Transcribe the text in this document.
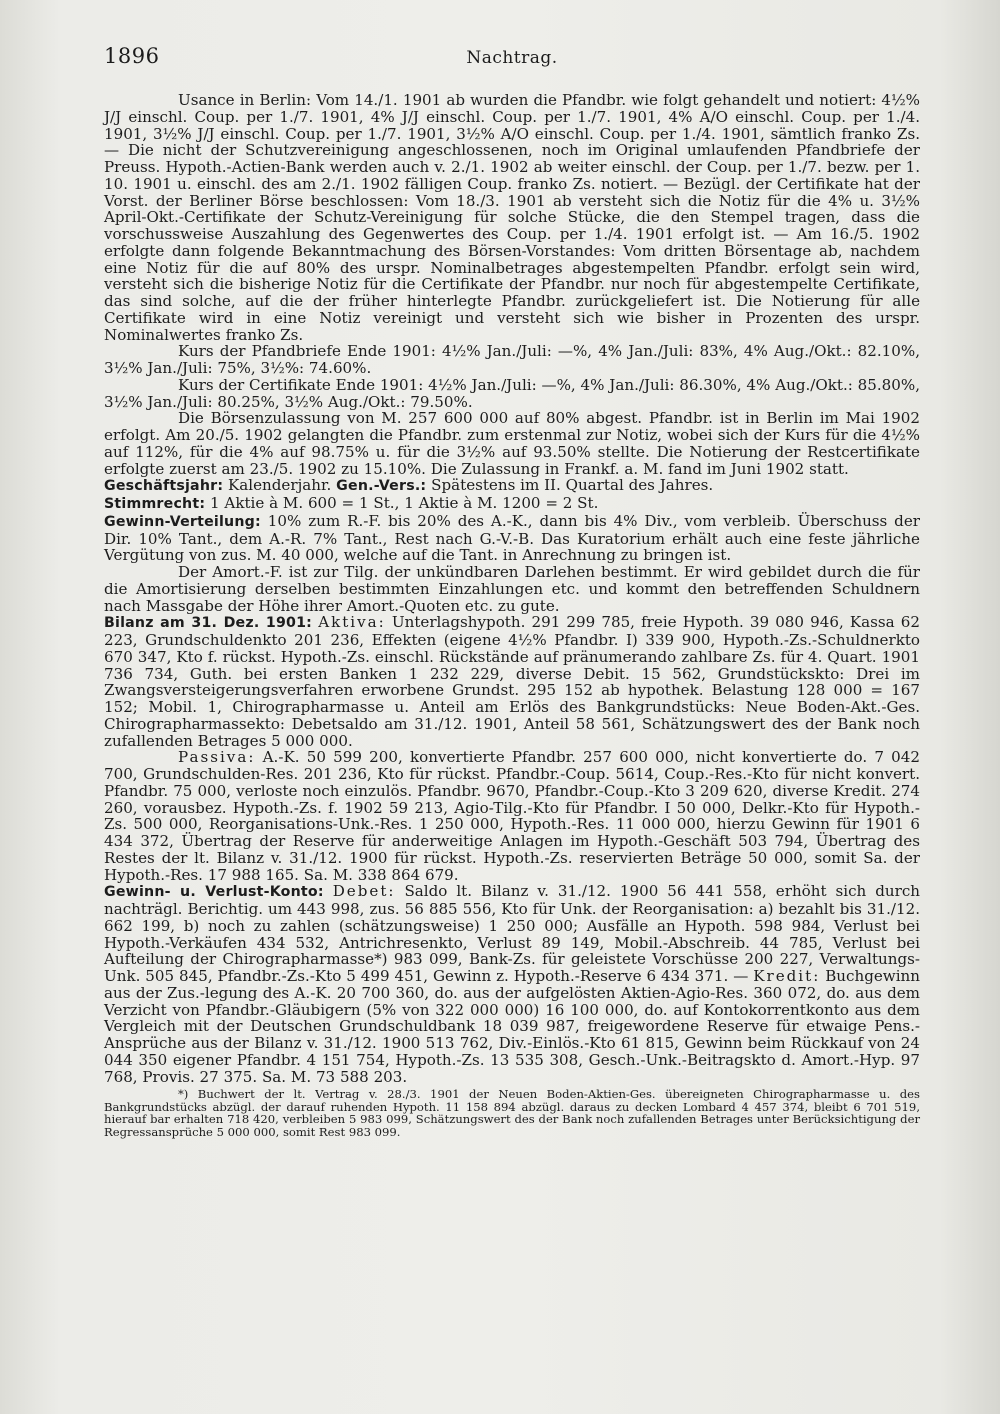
1896	Nachtrag.

Usance in Berlin: Vom 14./1. 1901 ab wurden die Pfandbr. wie folgt gehandelt und notiert: 4½% J/J einschl. Coup. per 1./7. 1901, 4% J/J einschl. Coup. per 1./7. 1901, 4% A/O einschl. Coup. per 1./4. 1901, 3½% J/J einschl. Coup. per 1./7. 1901, 3½% A/O einschl. Coup. per 1./4. 1901, sämtlich franko Zs. — Die nicht der Schutzvereinigung angeschlossenen, noch im Original umlaufenden Pfandbriefe der Preuss. Hypoth.-Actien-Bank werden auch v. 2./1. 1902 ab weiter einschl. der Coup. per 1./7. bezw. per 1. 10. 1901 u. einschl. des am 2./1. 1902 fälligen Coup. franko Zs. notiert. — Bezügl. der Certifikate hat der Vorst. der Berliner Börse beschlossen: Vom 18./3. 1901 ab versteht sich die Notiz für die 4% u. 3½% April-Okt.-Certifikate der Schutz-Vereinigung für solche Stücke, die den Stempel tragen, dass die vorschussweise Auszahlung des Gegenwertes des Coup. per 1./4. 1901 erfolgt ist. — Am 16./5. 1902 erfolgte dann folgende Bekanntmachung des Börsen-Vorstandes: Vom dritten Börsentage ab, nachdem eine Notiz für die auf 80% des urspr. Nominalbetrages abgestempelten Pfandbr. erfolgt sein wird, versteht sich die bisherige Notiz für die Certifikate der Pfandbr. nur noch für abgestempelte Certifikate, das sind solche, auf die der früher hinterlegte Pfandbr. zurückgeliefert ist. Die Notierung für alle Certifikate wird in eine Notiz vereinigt und versteht sich wie bisher in Prozenten des urspr. Nominalwertes franko Zs.

Kurs der Pfandbriefe Ende 1901: 4½% Jan./Juli: —%, 4% Jan./Juli: 83%, 4% Aug./Okt.: 82.10%, 3½% Jan./Juli: 75%, 3½%: 74.60%.

Kurs der Certifikate Ende 1901: 4½% Jan./Juli: —%, 4% Jan./Juli: 86.30%, 4% Aug./Okt.: 85.80%, 3½% Jan./Juli: 80.25%, 3½% Aug./Okt.: 79.50%.

Die Börsenzulassung von M. 257 600 000 auf 80% abgest. Pfandbr. ist in Berlin im Mai 1902 erfolgt. Am 20./5. 1902 gelangten die Pfandbr. zum erstenmal zur Notiz, wobei sich der Kurs für die 4½% auf 112%, für die 4% auf 98.75% u. für die 3½% auf 93.50% stellte. Die Notierung der Restcertifikate erfolgte zuerst am 23./5. 1902 zu 15.10%. Die Zulassung in Frankf. a. M. fand im Juni 1902 statt.

Geschäftsjahr: Kalenderjahr. Gen.-Vers.: Spätestens im II. Quartal des Jahres.

Stimmrecht: 1 Aktie à M. 600 = 1 St., 1 Aktie à M. 1200 = 2 St.

Gewinn-Verteilung: 10% zum R.-F. bis 20% des A.-K., dann bis 4% Div., vom verbleib. Überschuss der Dir. 10% Tant., dem A.-R. 7% Tant., Rest nach G.-V.-B. Das Kuratorium erhält auch eine feste jährliche Vergütung von zus. M. 40 000, welche auf die Tant. in Anrechnung zu bringen ist.

Der Amort.-F. ist zur Tilg. der unkündbaren Darlehen bestimmt. Er wird gebildet durch die für die Amortisierung derselben bestimmten Einzahlungen etc. und kommt den betreffenden Schuldnern nach Massgabe der Höhe ihrer Amort.-Quoten etc. zu gute.

Bilanz am 31. Dez. 1901: Aktiva: Unterlagshypoth. 291 299 785, freie Hypoth. 39 080 946, Kassa 62 223, Grundschuldenkto 201 236, Effekten (eigene 4½% Pfandbr. I) 339 900, Hypoth.-Zs.-Schuldnerkto 670 347, Kto f. rückst. Hypoth.-Zs. einschl. Rückstände auf pränumerando zahlbare Zs. für 4. Quart. 1901 736 734, Guth. bei ersten Banken 1 232 229, diverse Debit. 15 562, Grundstückskto: Drei im Zwangsversteigerungsverfahren erworbene Grundst. 295 152 ab hypothek. Belastung 128 000 = 167 152; Mobil. 1, Chirographarmasse u. Anteil am Erlös des Bankgrundstücks: Neue Boden-Akt.-Ges. Chirographarmassekto: Debetsaldo am 31./12. 1901, Anteil 58 561, Schätzungswert des der Bank noch zufallenden Betrages 5 000 000.

Passiva: A.-K. 50 599 200, konvertierte Pfandbr. 257 600 000, nicht konvertierte do. 7 042 700, Grundschulden-Res. 201 236, Kto für rückst. Pfandbr.-Coup. 5614, Coup.-Res.-Kto für nicht konvert. Pfandbr. 75 000, verloste noch einzulös. Pfandbr. 9670, Pfandbr.-Coup.-Kto 3 209 620, diverse Kredit. 274 260, vorausbez. Hypoth.-Zs. f. 1902 59 213, Agio-Tilg.-Kto für Pfandbr. I 50 000, Delkr.-Kto für Hypoth.-Zs. 500 000, Reorganisations-Unk.-Res. 1 250 000, Hypoth.-Res. 11 000 000, hierzu Gewinn für 1901 6 434 372, Übertrag der Reserve für anderweitige Anlagen im Hypoth.-Geschäft 503 794, Übertrag des Restes der lt. Bilanz v. 31./12. 1900 für rückst. Hypoth.-Zs. reservierten Beträge 50 000, somit Sa. der Hypoth.-Res. 17 988 165. Sa. M. 338 864 679.

Gewinn- u. Verlust-Konto: Debet: Saldo lt. Bilanz v. 31./12. 1900 56 441 558, erhöht sich durch nachträgl. Berichtig. um 443 998, zus. 56 885 556, Kto für Unk. der Reorganisation: a) bezahlt bis 31./12. 662 199, b) noch zu zahlen (schätzungsweise) 1 250 000; Ausfälle an Hypoth. 598 984, Verlust bei Hypoth.-Verkäufen 434 532, Antrichresenkto, Verlust 89 149, Mobil.-Abschreib. 44 785, Verlust bei Aufteilung der Chirographarmasse*) 983 099, Bank-Zs. für geleistete Vorschüsse 200 227, Verwaltungs-Unk. 505 845, Pfandbr.-Zs.-Kto 5 499 451, Gewinn z. Hypoth.-Reserve 6 434 371. — Kredit: Buchgewinn aus der Zus.-legung des A.-K. 20 700 360, do. aus der aufgelösten Aktien-Agio-Res. 360 072, do. aus dem Verzicht von Pfandbr.-Gläubigern (5% von 322 000 000) 16 100 000, do. auf Kontokorrentkonto aus dem Vergleich mit der Deutschen Grundschuldbank 18 039 987, freigewordene Reserve für etwaige Pens.-Ansprüche aus der Bilanz v. 31./12. 1900 513 762, Div.-Einlös.-Kto 61 815, Gewinn beim Rückkauf von 24 044 350 eigener Pfandbr. 4 151 754, Hypoth.-Zs. 13 535 308, Gesch.-Unk.-Beitragskto d. Amort.-Hyp. 97 768, Provis. 27 375. Sa. M. 73 588 203.

*) Buchwert der lt. Vertrag v. 28./3. 1901 der Neuen Boden-Aktien-Ges. übereigneten Chirographarmasse u. des Bankgrundstücks abzügl. der darauf ruhenden Hypoth. 11 158 894 abzügl. daraus zu decken Lombard 4 457 374, bleibt 6 701 519, hierauf bar erhalten 718 420, verbleiben 5 983 099, Schätzungswert des der Bank noch zufallenden Betrages unter Berücksichtigung der Regressansprüche 5 000 000, somit Rest 983 099.
